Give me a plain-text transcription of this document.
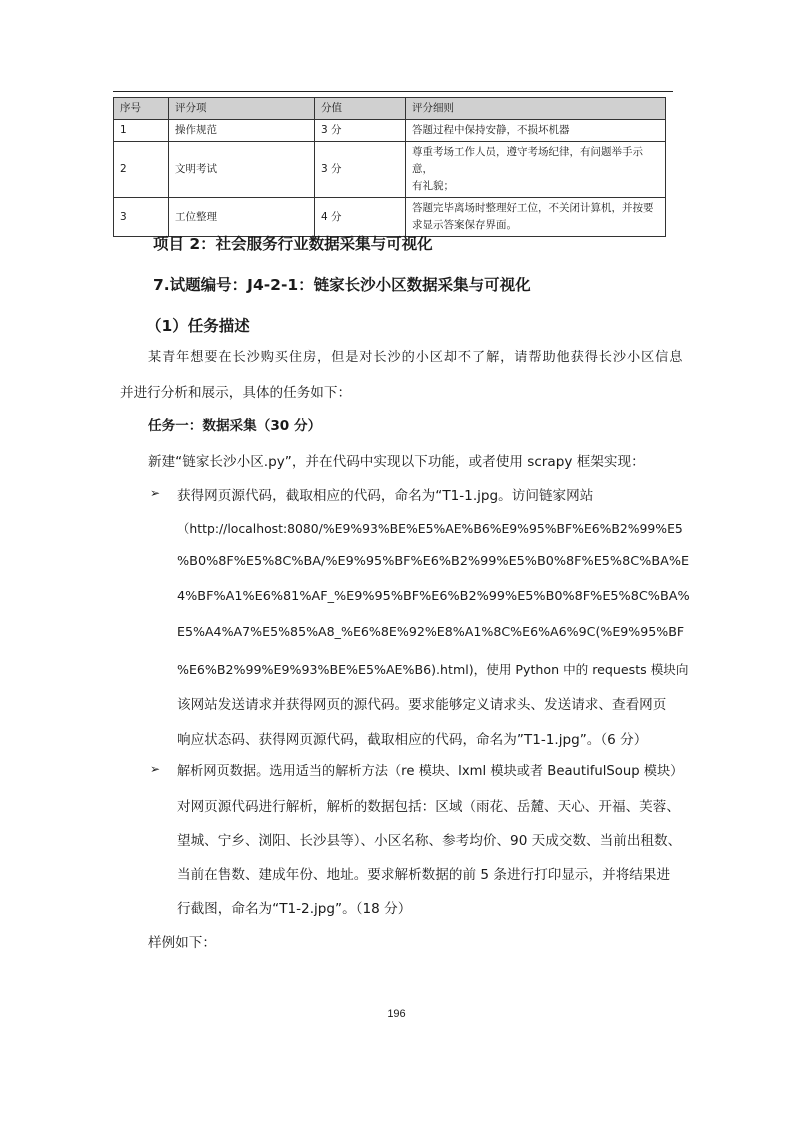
序号	评分项	分值	评分细则
1	操作规范	3 分	答题过程中保持安静，不损坏机器
2	文明考试	3 分	尊重考场工作人员，遵守考场纪律，有问题举手示意，
有礼貌；
3	工位整理	4 分	答题完毕离场时整理好工位，不关闭计算机，并按要
求显示答案保存界面。
项目 2：社会服务行业数据采集与可视化
7.试题编号：J4-2-1：链家长沙小区数据采集与可视化
（1）任务描述
某青年想要在长沙购买住房，但是对长沙的小区却不了解，请帮助他获得长沙小区信息
并进行分析和展示，具体的任务如下：
任务一：数据采集（30 分）
新建“链家长沙小区.py”，并在代码中实现以下功能，或者使用 scrapy 框架实现：
➢ 获得网页源代码，截取相应的代码，命名为“T1-1.jpg。访问链家网站
（http://localhost:8080/%E9%93%BE%E5%AE%B6%E9%95%BF%E6%B2%99%E5
%B0%8F%E5%8C%BA/%E9%95%BF%E6%B2%99%E5%B0%8F%E5%8C%BA%E
4%BF%A1%E6%81%AF_%E9%95%BF%E6%B2%99%E5%B0%8F%E5%8C%BA%
E5%A4%A7%E5%85%A8_%E6%8E%92%E8%A1%8C%E6%A6%9C(%E9%95%BF
%E6%B2%99%E9%93%BE%E5%AE%B6).html)，使用 Python 中的 requests 模块向
该网站发送请求并获得网页的源代码。要求能够定义请求头、发送请求、查看网页
响应状态码、获得网页源代码，截取相应的代码，命名为”T1-1.jpg”。（6 分）
➢ 解析网页数据。选用适当的解析方法（re 模块、lxml 模块或者 BeautifulSoup 模块）
对网页源代码进行解析，解析的数据包括：区域（雨花、岳麓、天心、开福、芙蓉、
望城、宁乡、浏阳、长沙县等）、小区名称、参考均价、90 天成交数、当前出租数、
当前在售数、建成年份、地址。要求解析数据的前 5 条进行打印显示，并将结果进
行截图，命名为“T1-2.jpg”。（18 分）
样例如下：
196
